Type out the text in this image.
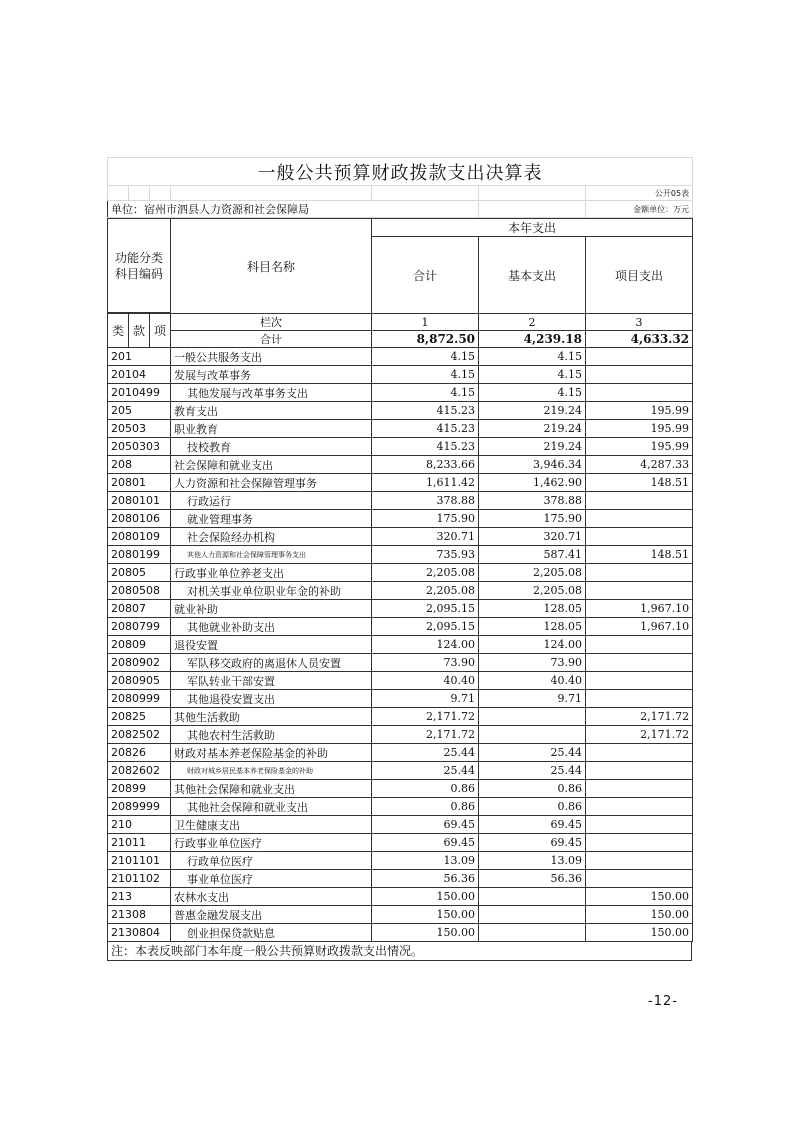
一般公共预算财政拨款支出决算表						
						公开05表
单位：宿州市泗县人力资源和社会保障局						金额单位：万元
功能分类
科目编码			科目名称	本年支出		
				合计	基本支出	项目支出

类	款	项	栏次	1	2	3
			合计	8,872.50	4,239.18	4,633.32
201			一般公共服务支出	4.15	4.15	
20104			发展与改革事务	4.15	4.15	
2010499			其他发展与改革事务支出	4.15	4.15	
205			教育支出	415.23	219.24	195.99
20503			职业教育	415.23	219.24	195.99
2050303			技校教育	415.23	219.24	195.99
208			社会保障和就业支出	8,233.66	3,946.34	4,287.33
20801			人力资源和社会保障管理事务	1,611.42	1,462.90	148.51
2080101			行政运行	378.88	378.88	
2080106			就业管理事务	175.90	175.90	
2080109			社会保险经办机构	320.71	320.71	
2080199			其他人力资源和社会保障管理事务支出	735.93	587.41	148.51
20805			行政事业单位养老支出	2,205.08	2,205.08	
2080508			对机关事业单位职业年金的补助	2,205.08	2,205.08	
20807			就业补助	2,095.15	128.05	1,967.10
2080799			其他就业补助支出	2,095.15	128.05	1,967.10
20809			退役安置	124.00	124.00	
2080902			军队移交政府的离退休人员安置	73.90	73.90	
2080905			军队转业干部安置	40.40	40.40	
2080999			其他退役安置支出	9.71	9.71	
20825			其他生活救助	2,171.72		2,171.72
2082502			其他农村生活救助	2,171.72		2,171.72
20826			财政对基本养老保险基金的补助	25.44	25.44	
2082602			财政对城乡居民基本养老保险基金的补助	25.44	25.44	
20899			其他社会保障和就业支出	0.86	0.86	
2089999			其他社会保障和就业支出	0.86	0.86	
210			卫生健康支出	69.45	69.45	
21011			行政事业单位医疗	69.45	69.45	
2101101			行政单位医疗	13.09	13.09	
2101102			事业单位医疗	56.36	56.36	
213			农林水支出	150.00		150.00
21308			普惠金融发展支出	150.00		150.00
2130804			创业担保贷款贴息	150.00		150.00
注：本表反映部门本年度一般公共预算财政拨款支出情况。
-12-
